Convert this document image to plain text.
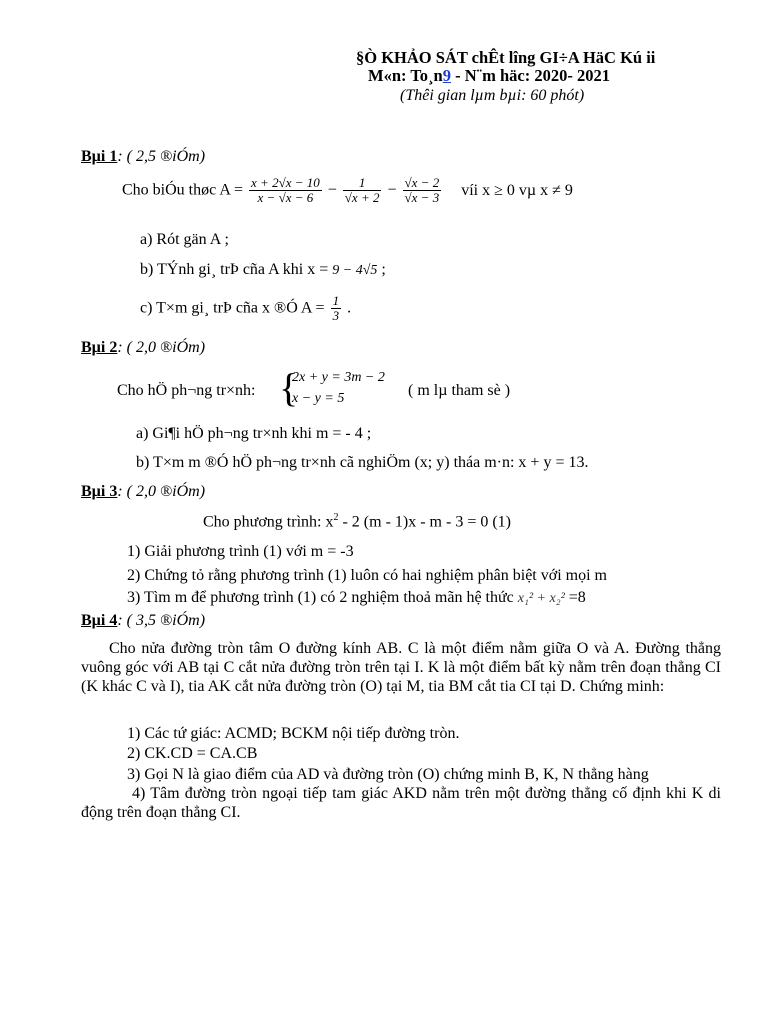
§Ò KHẢO SÁT chÊt lîng GI÷A HäC Kú ii
M«n: To¸n9 - N¨m häc: 2020- 2021
(Thêi gian lµm bµi: 60 phót)
Bµi 1: ( 2,5 ®iÓm)
Cho biÓu thøc $A = \frac{x + 2√x - 10}{x - √x - 6} - \frac{1}{√x + 2} - \frac{√x - 2}{√x - 3}$ víi x ≥ 0 vµ x ≠ 9
a) Rót gän A ;
b) TÝnh gi¸ trÞ cña A khi x = 9 − 4√5 ;
c) T×m gi¸ trÞ cña x ®Ó $A = \frac{1}{3}$ .
Bµi 2: ( 2,0 ®iÓm)
Cho hÖ ph¬ng tr×nh: {
2x + y = 3m − 2
x − y = 5	( m lµ tham sè )
a) Gi¶i hÖ ph¬ng tr×nh khi m = - 4 ;
b) T×m m ®Ó hÖ ph¬ng tr×nh cã nghiÖm (x; y) tháa m·n: x + y = 13.
Bµi 3: ( 2,0 ®iÓm)
Cho phương trình: $x^2 - 2$ (m - 1)x - m - 3 = 0 (1)
1) Giải phương trình (1) với m = -3
2) Chứng tỏ rằng phương trình (1) luôn có hai nghiệm phân biệt với mọi m
3) Tìm m để phương trình (1) có 2 nghiệm thoả mãn hệ thức x₁² + x₂² =8
Bµi 4: ( 3,5 ®iÓm)
Cho nửa đường tròn tâm O đường kính AB. C là một điểm nằm giữa O và A. Đường thẳng vuông góc với AB tại C cắt nửa đường tròn trên tại I. K là một điểm bất kỳ nằm trên đoạn thẳng CI (K khác C và I), tia AK cắt nửa đường tròn (O) tại M, tia BM cắt tia CI tại D. Chứng minh:
1) Các tứ giác: ACMD; BCKM nội tiếp đường tròn.
2) CK.CD = CA.CB
3) Gọi N là giao điểm của AD và đường tròn (O) chứng minh B, K, N thẳng hàng
4) Tâm đường tròn ngoại tiếp tam giác AKD nằm trên một đường thẳng cố định khi K di động trên đoạn thẳng CI.
